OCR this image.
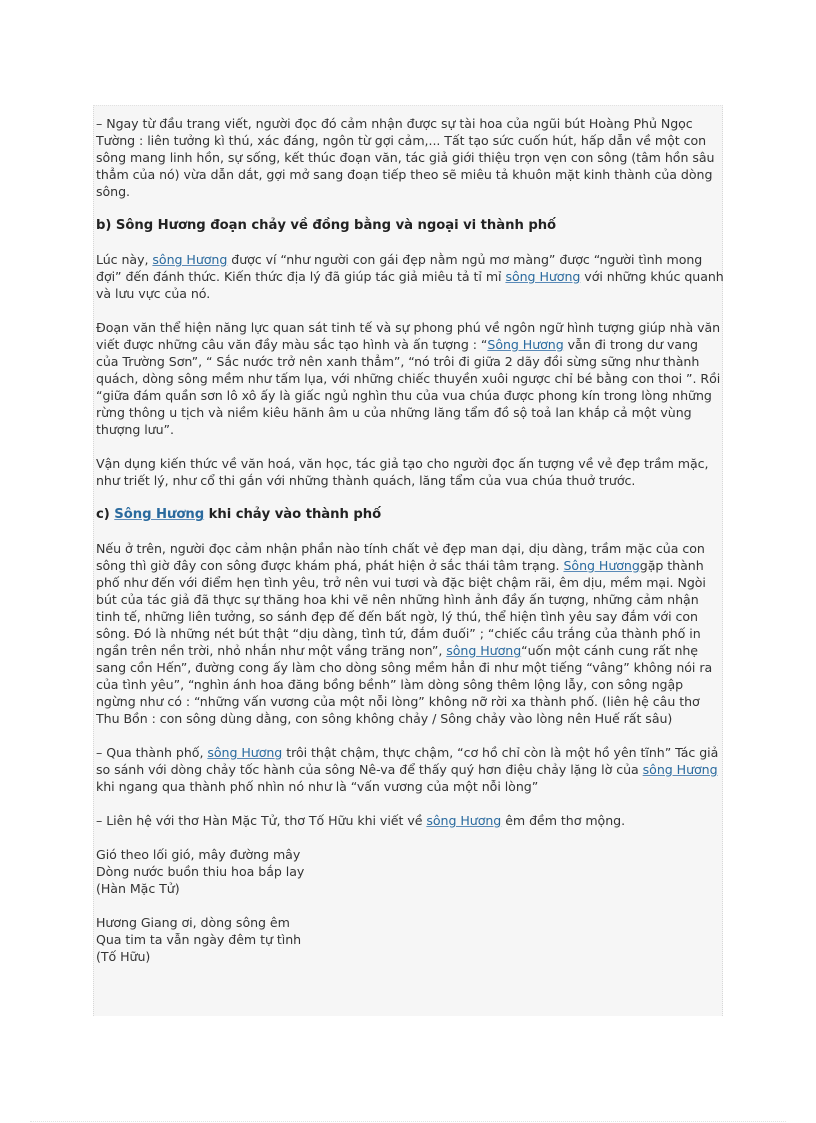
– Ngay từ đầu trang viết, người đọc đó cảm nhận được sự tài hoa của ngũi bút Hoàng Phủ Ngọc Tường : liên tưởng kì thú, xác đáng, ngôn từ gợi cảm,... Tất tạo sức cuốn hút, hấp dẫn về một con sông mang linh hồn, sự sống, kết thúc đoạn văn, tác giả giới thiệu trọn vẹn con sông (tâm hồn sâu thẳm của nó) vừa dẫn dắt, gợi mở sang đoạn tiếp theo sẽ miêu tả khuôn mặt kinh thành của dòng sông.

b) Sông Hương đoạn chảy về đồng bằng và ngoại vi thành phố

Lúc này, sông Hương được ví “như người con gái đẹp nằm ngủ mơ màng” được “người tình mong đợi” đến đánh thức. Kiến thức địa lý đã giúp tác giả miêu tả tỉ mỉ sông Hương với những khúc quanh và lưu vực của nó.

Đoạn văn thể hiện năng lực quan sát tinh tế và sự phong phú về ngôn ngữ hình tượng giúp nhà văn viết được những câu văn đầy màu sắc tạo hình và ấn tượng : “Sông Hương vẫn đi trong dư vang của Trường Sơn”, “ Sắc nước trở nên xanh thẳm”, “nó trôi đi giữa 2 dãy đồi sừng sững như thành quách, dòng sông mềm như tấm lụa, với những chiếc thuyền xuôi ngược chỉ bé bằng con thoi ”. Rồi “giữa đám quần sơn lô xô ấy là giấc ngủ nghìn thu của vua chúa được phong kín trong lòng những rừng thông u tịch và niềm kiêu hãnh âm u của những lăng tẩm đồ sộ toả lan khắp cả một vùng thượng lưu”.

Vận dụng kiến thức về văn hoá, văn học, tác giả tạo cho người đọc ấn tượng về vẻ đẹp trầm mặc, như triết lý, như cổ thi gắn với những thành quách, lăng tẩm của vua chúa thuở trước.

c) Sông Hương khi chảy vào thành phố

Nếu ở trên, người đọc cảm nhận phần nào tính chất vẻ đẹp man dại, dịu dàng, trầm mặc của con sông thì giờ đây con sông được khám phá, phát hiện ở sắc thái tâm trạng. Sông Hươnggặp thành phố như đến với điểm hẹn tình yêu, trở nên vui tươi và đặc biệt chậm rãi, êm dịu, mềm mại. Ngòi bút của tác giả đã thực sự thăng hoa khi vẽ nên những hình ảnh đầy ấn tượng, những cảm nhận tinh tế, những liên tưởng, so sánh đẹp đế đến bất ngờ, lý thú, thể hiện tình yêu say đắm với con sông. Đó là những nét bút thật “dịu dàng, tình tứ, đắm đuối” ; “chiếc cầu trắng của thành phố in ngần trên nền trời, nhỏ nhắn như một vầng trăng non”, sông Hương“uốn một cánh cung rất nhẹ sang cồn Hến”, đường cong ấy làm cho dòng sông mềm hẳn đi như một tiếng “vâng” không nói ra của tình yêu”, “nghìn ánh hoa đăng bồng bềnh” làm dòng sông thêm lộng lẫy, con sông ngập ngừng như có : “những vấn vương của một nỗi lòng” không nỡ rời xa thành phố. (liên hệ câu thơ Thu Bồn : con sông dùng dằng, con sông không chảy / Sông chảy vào lòng nên Huế rất sâu)

– Qua thành phố, sông Hương trôi thật chậm, thực chậm, “cơ hồ chỉ còn là một hồ yên tĩnh” Tác giả so sánh với dòng chảy tốc hành của sông Nê-va để thấy quý hơn điệu chảy lặng lờ của sông Hương khi ngang qua thành phố nhìn nó như là “vấn vương của một nỗi lòng”

– Liên hệ với thơ Hàn Mặc Tử, thơ Tố Hữu khi viết về sông Hương êm đềm thơ mộng.

Gió theo lối gió, mây đường mây
Dòng nước buồn thiu hoa bắp lay
(Hàn Mặc Tử)

Hương Giang ơi, dòng sông êm
Qua tim ta vẫn ngày đêm tự tình
(Tố Hữu)
